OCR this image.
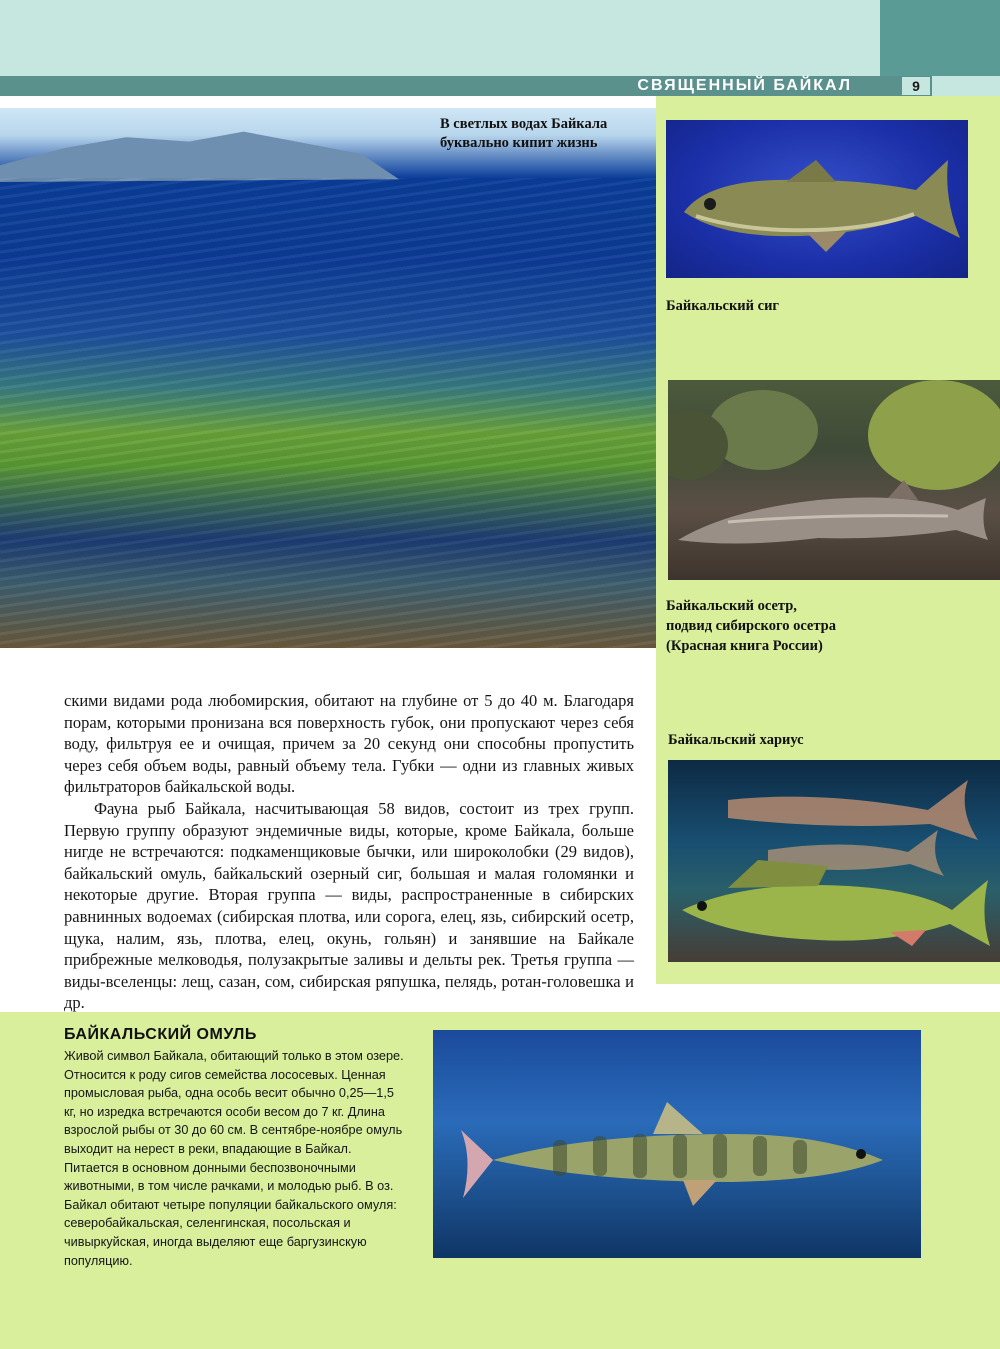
СВЯЩЕННЫЙ БАЙКАЛ	9
В светлых водах Байкала буквально кипит жизнь
Байкальский сиг
Байкальский осетр,
подвид сибирского осетра
(Красная книга России)
Байкальский хариус

скими видами рода любомирския, обитают на глубине от 5 до 40 м. Благодаря порам, которыми пронизана вся поверхность губок, они пропускают через себя воду, фильтруя ее и очищая, причем за 20 секунд они способны пропустить через себя объем воды, равный объему тела. Губки — одни из главных живых фильтраторов байкальской воды.

Фауна рыб Байкала, насчитывающая 58 видов, состоит из трех групп. Первую группу образуют эндемичные виды, которые, кроме Байкала, больше нигде не встречаются: подкаменщиковые бычки, или широколобки (29 видов), байкальский омуль, байкальский озерный сиг, большая и малая голомянки и некоторые другие. Вторая группа — виды, распространенные в сибирских равнинных водоемах (сибирская плотва, или сорога, елец, язь, сибирский осетр, щука, налим, язь, плотва, елец, окунь, гольян) и занявшие на Байкале прибрежные мелководья, полузакрытые заливы и дельты рек. Третья группа — виды-вселенцы: лещ, сазан, сом, сибирская ряпушка, пелядь, ротан-головешка и др.

БАЙКАЛЬСКИЙ ОМУЛЬ
Живой символ Байкала, обитающий только в этом озере. Относится к роду сигов семейства лососевых. Ценная промысловая рыба, одна особь весит обычно 0,25—1,5 кг, но изредка встречаются особи весом до 7 кг. Длина взрослой рыбы от 30 до 60 см. В сентябре-ноябре омуль выходит на нерест в реки, впадающие в Байкал. Питается в основном донными беспозвоночными животными, в том числе рачками, и молодью рыб. В оз. Байкал обитают четыре популяции байкальского омуля: северобайкальская, селенгинская, посольская и чивыркуйская, иногда выделяют еще баргузинскую популяцию.
